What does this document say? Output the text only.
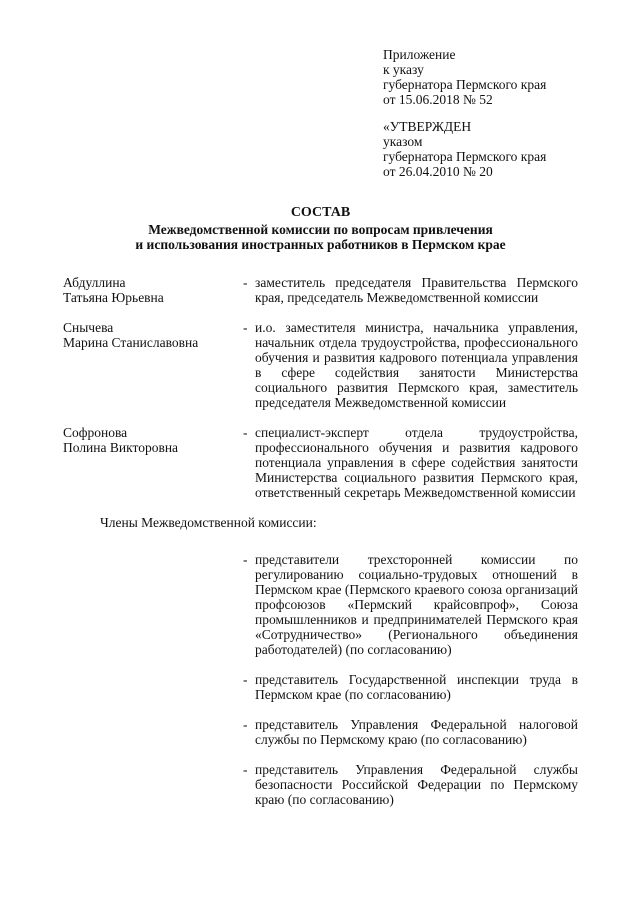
Приложение
к указу
губернатора Пермского края
от 15.06.2018 № 52
«УТВЕРЖДЕН
указом
губернатора Пермского края
от 26.04.2010 № 20
СОСТАВ
Межведомственной комиссии по вопросам привлечения
и использования иностранных работников в Пермском крае
Абдуллина
Татьяна Юрьевна
- заместитель председателя Правительства Пермского края, председатель Межведомственной комиссии
Снычева
Марина Станиславовна
- и.о. заместителя министра, начальника управления, начальник отдела трудоустройства, профессионального обучения и развития кадрового потенциала управления в сфере содействия занятости Министерства социального развития Пермского края, заместитель председателя Межведомственной комиссии
Софронова
Полина Викторовна
- специалист-эксперт отдела трудоустройства, профессионального обучения и развития кадрового потенциала управления в сфере содействия занятости Министерства социального развития Пермского края, ответственный секретарь Межведомственной комиссии
Члены Межведомственной комиссии:
- представители трехсторонней комиссии по регулированию социально-трудовых отношений в Пермском крае (Пермского краевого союза организаций профсоюзов «Пермский крайсовпроф», Союза промышленников и предпринимателей Пермского края «Сотрудничество» (Регионального объединения работодателей) (по согласованию)
- представитель Государственной инспекции труда в Пермском крае (по согласованию)
- представитель Управления Федеральной налоговой службы по Пермскому краю (по согласованию)
- представитель Управления Федеральной службы безопасности Российской Федерации по Пермскому краю (по согласованию)
